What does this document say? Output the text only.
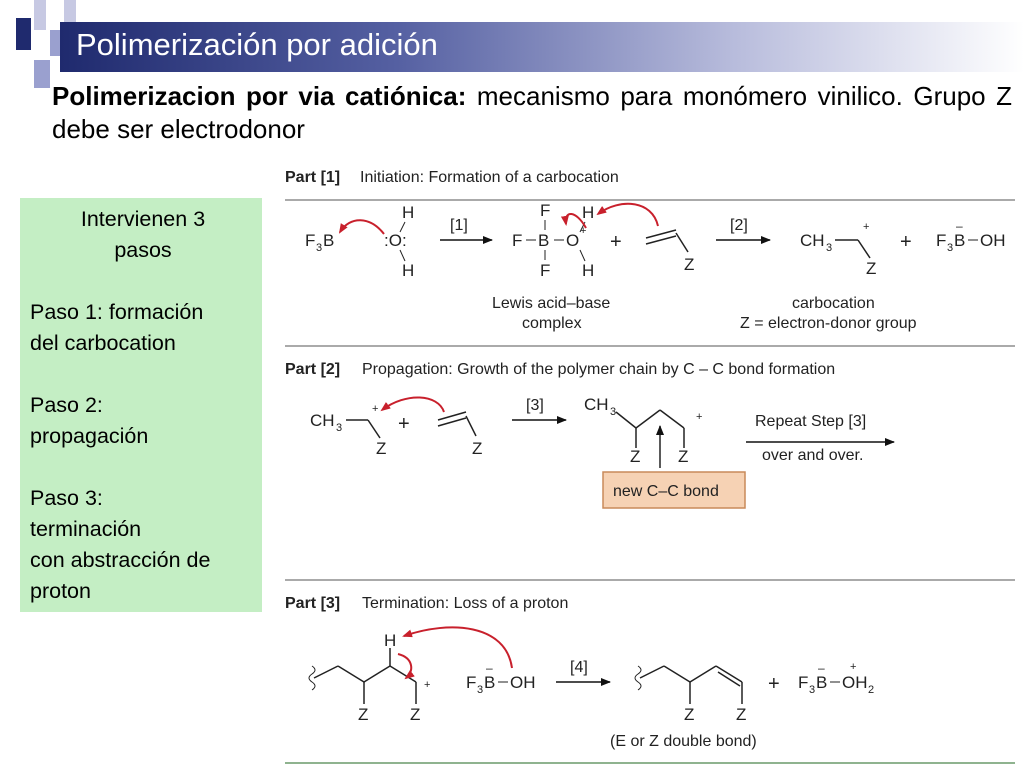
Polimerización por adición
Polimerizacion por via catiónica: mecanismo para monómero vinilico. Grupo Z debe ser electrodonor
Intervienen 3
pasos
Paso 1: formación
del carbocation
Paso 2:
propagación
Paso 3:
terminación
con abstracción de
proton
Part [1] Initiation: Formation of a carbocation
F 3 B	:O:
H
H
[1]
F
F B O +
F
H
H
+
Z
Lewis acid–base
complex
[2]
CH 3
+
Z
+ F 3 B
–
OH
carbocation
Z = electron-donor group
Part [2] Propagation: Growth of the polymer chain by C – C bond formation
CH 3
+
Z
+
Z
[3] CH 3	+
Z Z
new C–C bond
Repeat Step [3]
over and over.
Part [3] Termination: Loss of a proton
H
+
Z Z
F 3 B
–
OH
[4]
Z Z
+ F 3 B
–
OH 2
+
(E or Z double bond)
